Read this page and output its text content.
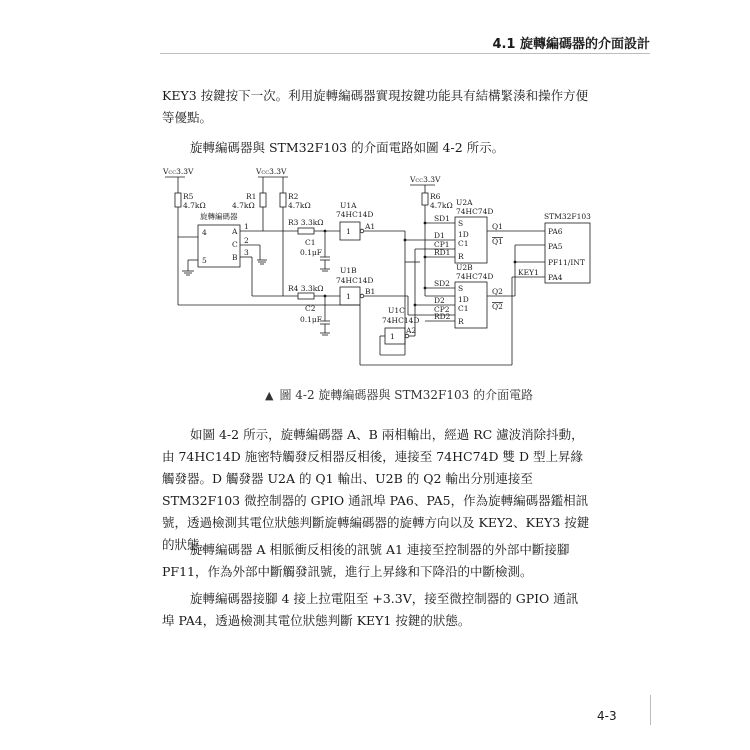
4.1 旋轉編碼器的介面設計

KEY3 按鍵按下一次。利用旋轉編碼器實現按鍵功能具有結構緊湊和操作方便等優點。

旋轉編碼器與 STM32F103 的介面電路如圖 4-2 所示。

VCC3.3V	VCC3.3V
VCC3.3V
R5
4.7kΩ
R1
4.7kΩ
R2
4.7kΩ
R6
4.7kΩ
旋轉編碼器
4
5
A
C
B
1
2
3
R3 3.3kΩ
R4 3.3kΩ
C1
0.1μF
C2
0.1μF
U1A
74HC14D
1
A1
U1B
74HC14D
1
B1
U1C
74HC14D
1
A2
U2A
74HC74D
SD1
D1
CP1
RD1
S
1D
C1
R
Q1
Q1
U2B
74HC74D
SD2
D2
CP2
RD2
S
1D
C1
R
Q2
Q2
STM32F103
PA6
PA5
PF11/INT
PA4
KEY1
▲ 圖 4-2 旋轉編碼器與 STM32F103 的介面電路

如圖 4-2 所示，旋轉編碼器 A、B 兩相輸出，經過 RC 濾波消除抖動，由 74HC14D 施密特觸發反相器反相後，連接至 74HC74D 雙 D 型上昇緣觸發器。D 觸發器 U2A 的 Q1 輸出、U2B 的 Q2 輸出分別連接至 STM32F103 微控制器的 GPIO 通訊埠 PA6、PA5，作為旋轉編碼器鑑相訊號，透過檢測其電位狀態判斷旋轉編碼器的旋轉方向以及 KEY2、KEY3 按鍵的狀態。

旋轉編碼器 A 相脈衝反相後的訊號 A1 連接至控制器的外部中斷接腳 PF11，作為外部中斷觸發訊號，進行上昇緣和下降沿的中斷檢測。

旋轉編碼器接腳 4 接上拉電阻至 +3.3V，接至微控制器的 GPIO 通訊埠 PA4，透過檢測其電位狀態判斷 KEY1 按鍵的狀態。

4-3
